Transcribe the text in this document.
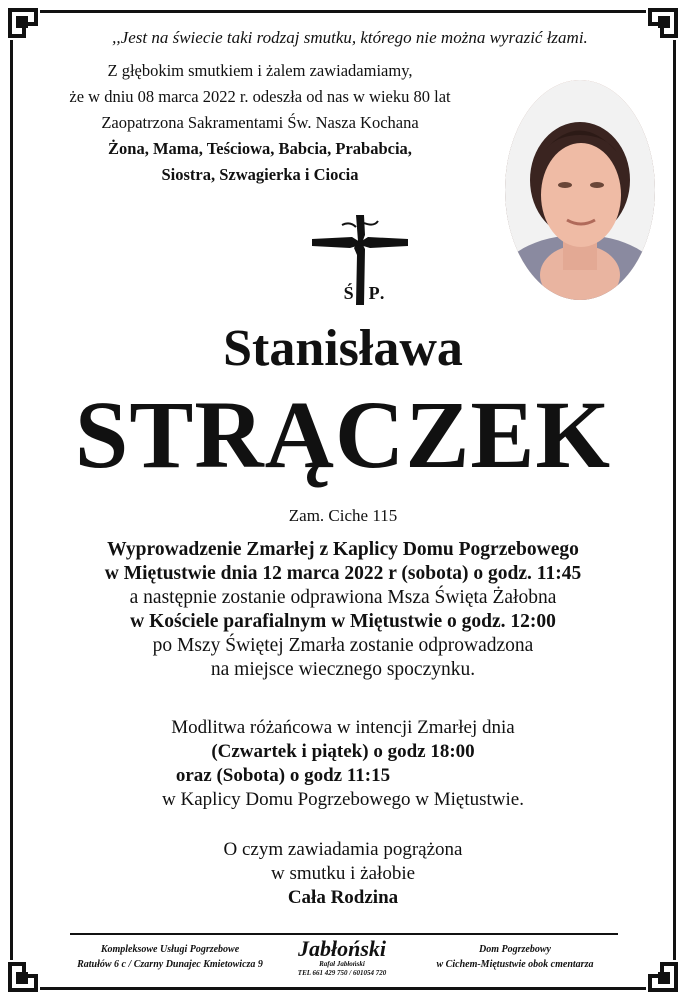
,,Jest na świecie taki rodzaj smutku, którego nie można wyrazić łzami.
Z głębokim smutkiem i żalem zawiadamiamy,
że w dniu 08 marca 2022 r. odeszła od nas w wieku 80 lat
Zaopatrzona Sakramentami Św. Nasza Kochana
Żona, Mama, Teściowa, Babcia, Prababcia,
Siostra, Szwagierka i Ciocia
Ś. P.
Stanisława
STRĄCZEK
Zam. Ciche 115
Wyprowadzenie Zmarłej z Kaplicy Domu Pogrzebowego
w Miętustwie dnia 12 marca 2022 r (sobota) o godz. 11:45
a następnie zostanie odprawiona Msza Święta Żałobna
w Kościele parafialnym w Miętustwie o godz. 12:00
po Mszy Świętej Zmarła zostanie odprowadzona
na miejsce wiecznego spoczynku.
Modlitwa różańcowa w intencji Zmarłej dnia
(Czwartek i piątek) o godz 18:00
oraz (Sobota) o godz 11:15
w Kaplicy Domu Pogrzebowego w Miętustwie.
O czym zawiadamia pogrążona
w smutku i żałobie
Cała Rodzina
Kompleksowe Usługi Pogrzebowe
Ratułów 6 c / Czarny Dunajec Kmietowicza 9
Jabłoński
Rafał Jabłoński
TEL 661 429 750 / 601054 720
Dom Pogrzebowy
w Cichem-Miętustwie obok cmentarza
